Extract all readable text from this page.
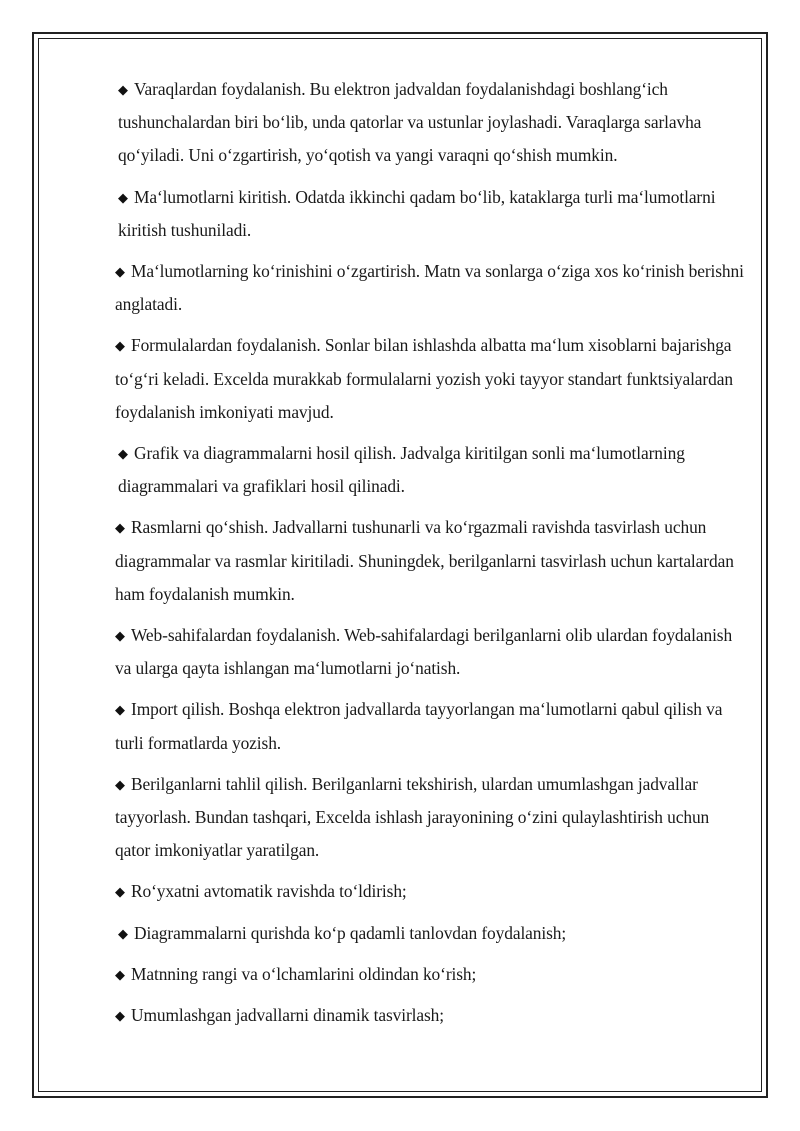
◆ Varaqlardan foydalanish. Bu elektron jadvaldan foydalanishdagi boshlangʻich tushunchalardan biri boʻlib, unda qatorlar va ustunlar joylashadi. Varaqlarga sarlavha qoʻyiladi. Uni oʻzgartirish, yoʻqotish va yangi varaqni qoʻshish mumkin.

◆ Maʻlumotlarni kiritish. Odatda ikkinchi qadam boʻlib, kataklarga turli maʻlumotlarni kiritish tushuniladi.

◆ Maʻlumotlarning koʻrinishini oʻzgartirish. Matn va sonlarga oʻziga xos koʻrinish berishni anglatadi.

◆ Formulalardan foydalanish. Sonlar bilan ishlashda albatta maʻlum xisoblarni bajarishga toʻgʻri keladi. Excelda murakkab formulalarni yozish yoki tayyor standart funktsiyalardan foydalanish imkoniyati mavjud.

◆ Grafik va diagrammalarni hosil qilish. Jadvalga kiritilgan sonli maʻlumotlarning diagrammalari va grafiklari hosil qilinadi.

◆ Rasmlarni qoʻshish. Jadvallarni tushunarli va koʻrgazmali ravishda tasvirlash uchun diagrammalar va rasmlar kiritiladi. Shuningdek, berilganlarni tasvirlash uchun kartalardan ham foydalanish mumkin.

◆ Web-sahifalardan foydalanish. Web-sahifalardagi berilganlarni olib ulardan foydalanish va ularga qayta ishlangan maʻlumotlarni joʻnatish.

◆ Import qilish. Boshqa elektron jadvallarda tayyorlangan maʻlumotlarni qabul qilish va turli formatlarda yozish.

◆ Berilganlarni tahlil qilish. Berilganlarni tekshirish, ulardan umumlashgan jadvallar tayyorlash. Bundan tashqari, Excelda ishlash jarayonining oʻzini qulaylashtirish uchun qator imkoniyatlar yaratilgan.

◆ Roʻyxatni avtomatik ravishda toʻldirish;

◆ Diagrammalarni qurishda koʻp qadamli tanlovdan foydalanish;

◆ Matnning rangi va oʻlchamlarini oldindan koʻrish;

◆ Umumlashgan jadvallarni dinamik tasvirlash;
